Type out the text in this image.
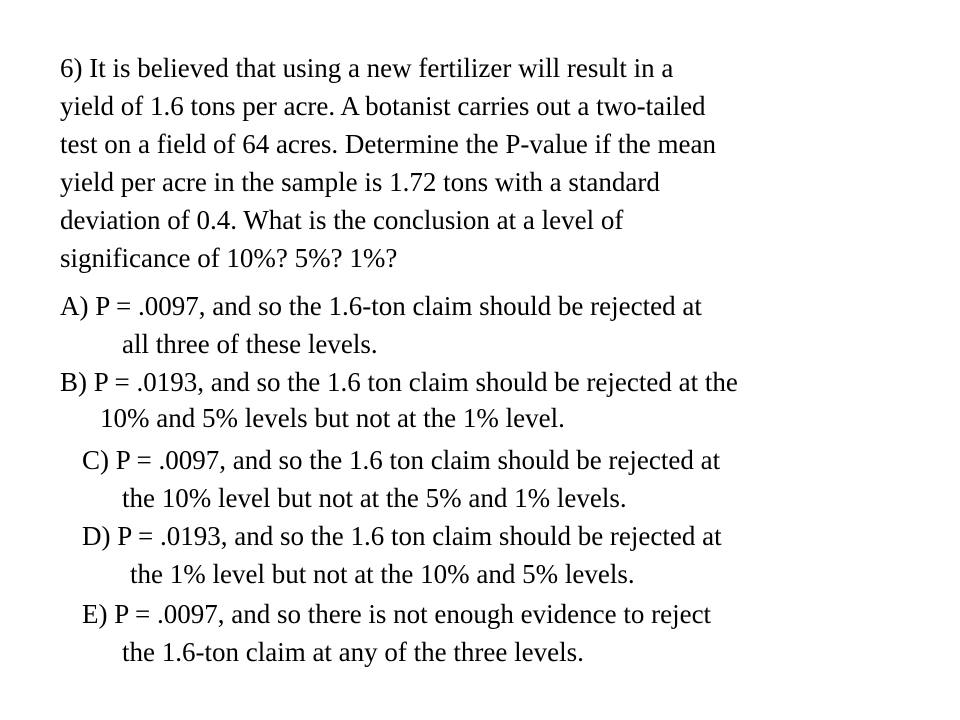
6) It is believed that using a new fertilizer will result in a
yield of 1.6 tons per acre. A botanist carries out a two-tailed
test on a field of 64 acres. Determine the P-value if the mean
yield per acre in the sample is 1.72 tons with a standard
deviation of 0.4. What is the conclusion at a level of
significance of 10%? 5%? 1%?
A) P = .0097, and so the 1.6-ton claim should be rejected at
all three of these levels.
B) P = .0193, and so the 1.6 ton claim should be rejected at the
10% and 5% levels but not at the 1% level.
C) P = .0097, and so the 1.6 ton claim should be rejected at
the 10% level but not at the 5% and 1% levels.
D) P = .0193, and so the 1.6 ton claim should be rejected at
the 1% level but not at the 10% and 5% levels.
E) P = .0097, and so there is not enough evidence to reject
the 1.6-ton claim at any of the three levels.
